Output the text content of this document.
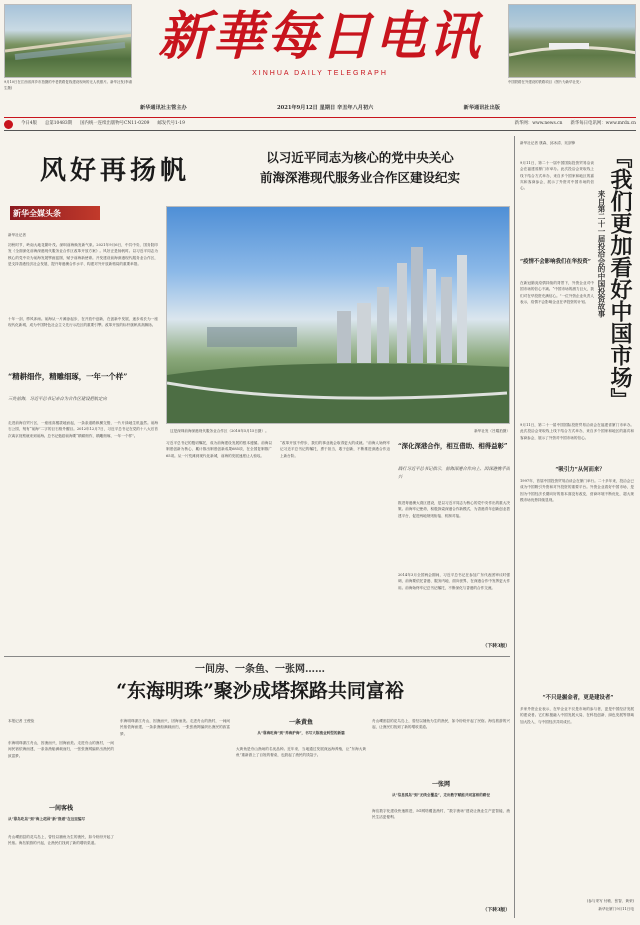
9月10日在江西省萍乡市拍摄的中老铁路复线建设现场的无人机照片。新华社发(李淑生摄)
新華每日电讯
XINHUA DAILY TELEGRAPH
中国铁路在外建设的铁路项目（图片为新华社发）
新华通讯社主管主办	2021年9月12日 星期日 辛丑年八月初六	新华通讯社出版
今日4版 总第10483期 国内统一连续出版物号CN11-0209 邮发代号1-19	新华网：www.news.cn 新华每日电讯网：www.mrdx.cn
风好再扬帆	以习近平同志为核心的党中央关心
前海深港现代服务业合作区建设纪实
新华全媒头条
新华社记者
初秋时节，岭南大地花繁叶茂。深圳前海焕发新气象。2021年9月6日，中共中央、国务院印发《全面深化前海深港现代服务业合作区改革开放方案》。风好正是扬帆时。以习近平同志为核心的党中央为前海发展擘画蓝图，赋予前海新使命。开发建设前海深港现代服务业合作区，是支持香港经济社会发展、提升粤港澳合作水平、构建对外开放新格局的重要举措。
十年一剑，栉风沐雨。前海从一片滩涂起步，在开放中创新，在创新中发展，逐步成长为一座现代化新城，成为中国特色社会主义先行示范区的重要引擎。改革开放的标杆旗帜高高飘扬。
“精耕细作，精雕细琢，一年一个样”
三处前海，习近平总书记亲自为合作区建设把航定向
走进前海自贸片区，一座座高楼拔地而起，一条条道路纵横交错，一片片绿地生机盎然。前海石公园，刻有“前海”二字的巨石格外醒目。2012年12月7日，习近平总书记在党的十八大后首次离京视察就来到前海。总书记勉励前海要“精耕细作，精雕细琢，一年一个样”。
这是深圳前海深港现代服务业合作区（2018年5月15日摄）。	新华社发（吕耀拍摄）
习近平总书记的殷切嘱托，成为前海建设发展的根本遵循。前海以制度创新为核心，累计推出制度创新成果685项，在全国复制推广65项。从一片荒滩到现代化新城，前海的发展速度让人惊叹。
“改革开放不停步，我们的事业就会取得更大的成就。”前海人始终牢记习近平总书记的嘱托，勇于担当，敢于创新，不断推进深港合作迈上新台阶。
“深化深港合作，相互借助、相得益彰”
践行习近平总书记指示，前海深港合作向上、因深港携手而兴
推进粤港澳大湾区建设，是以习近平同志为核心的党中央作出的重大决策。前海牢记使命，积极探索深港合作新模式，为香港青年创新创业搭建平台，促进两地规则衔接、机制对接。
2014年3月全国两会期间，习近平总书记在参加广东代表团审议时强调，前海要依托香港、服务内地、面向世界，在深港合作中发挥更大作用。前海始终牢记总书记嘱托，不断深化与香港的合作交流。
（下转3版）
新华社记者 康森、邱冰清、吴剑锋
9月11日，第二十一届中国国际投资贸易洽谈会在福建省厦门市举办。此次投洽会采取线上线下结合方式举办，来自多个国家和地区的嘉宾和客商参会，展示了外资对中国市场的信心。
“疫情不会影响我们在华投资”
在新冠肺炎疫情持续的背景下，外资企业对中国市场的信心不减。“中国市场的潜力巨大，我们对在华投资充满信心。”一位外资企业负责人表示，疫情不会影响企业在华投资的计划。 『我们更加看好中国市场』
来自第二十一届投洽会的中国投资故事
9月11日，第二十一届中国国际投资贸易洽谈会在福建省厦门市举办。此次投洽会采取线上线下结合方式举办，来自多个国家和地区的嘉宾和客商参会，展示了外资对中国市场的信心。
“吸引力”从何而来？
1997年，首届中国投资贸易洽谈会在厦门举行。二十多年来，投洽会已成为中国吸引外资和对外投资的重要平台。外资企业看好中国市场，是因为中国经济长期向好的基本面没有改变，营商环境不断优化，超大规模市场优势持续显现。
“不只是掘金者，更是建设者”
多家外资企业表示，在华企业不仅是市场的参与者，更是中国经济发展的建设者。它们积极融入中国发展大局，在科技创新、绿色发展等领域加大投入，与中国经济共同成长。
(参与采写 付敏、张智、黄荣)
新华社厦门9月11日电
一间房、一条鱼、一张网……
“东海明珠”聚沙成塔探路共同富裕
本报记者 王俊俭
东海明珠浙江舟山，因渔而兴，因海而美。走进舟山的渔村，一间间民宿依海而建，一条条渔船满载而归，一张张渔网编织出渔民的致富梦。
一间客栈
从“靠岛吃岛”到“海上花园”新“渔谱”在这里编写
舟山嵊泗县的花鸟岛上，曾经以捕鱼为生的渔民，如今纷纷开起了民宿。海岛旅游的兴起，让渔民们找到了新的增收渠道。
东海明珠浙江舟山，因渔而兴，因海而美。走进舟山的渔村，一间间民宿依海而建，一条条渔船满载而归，一张张渔网编织出渔民的致富梦。
一条黄鱼
从“靠海吃海”到“养海护海”，书写大陈渔业转型的新篇
大黄鱼是舟山渔场的名优品种。近年来，当地通过发展深远海养殖，让“东海大黄鱼”重新游上了百姓的餐桌，也鼓起了渔民的钱袋子。
舟山嵊泗县的花鸟岛上，曾经以捕鱼为生的渔民，如今纷纷开起了民宿。海岛旅游的兴起，让渔民们找到了新的增收渠道。
一张网
从“信息孤岛”到“无线全覆盖”，走出数字赋能共同富裕的路径
海岛数字化建设快速推进，5G网络覆盖渔村，“数字渔场”建设让渔业生产更智能，渔民生活更便利。
（下转3版）
